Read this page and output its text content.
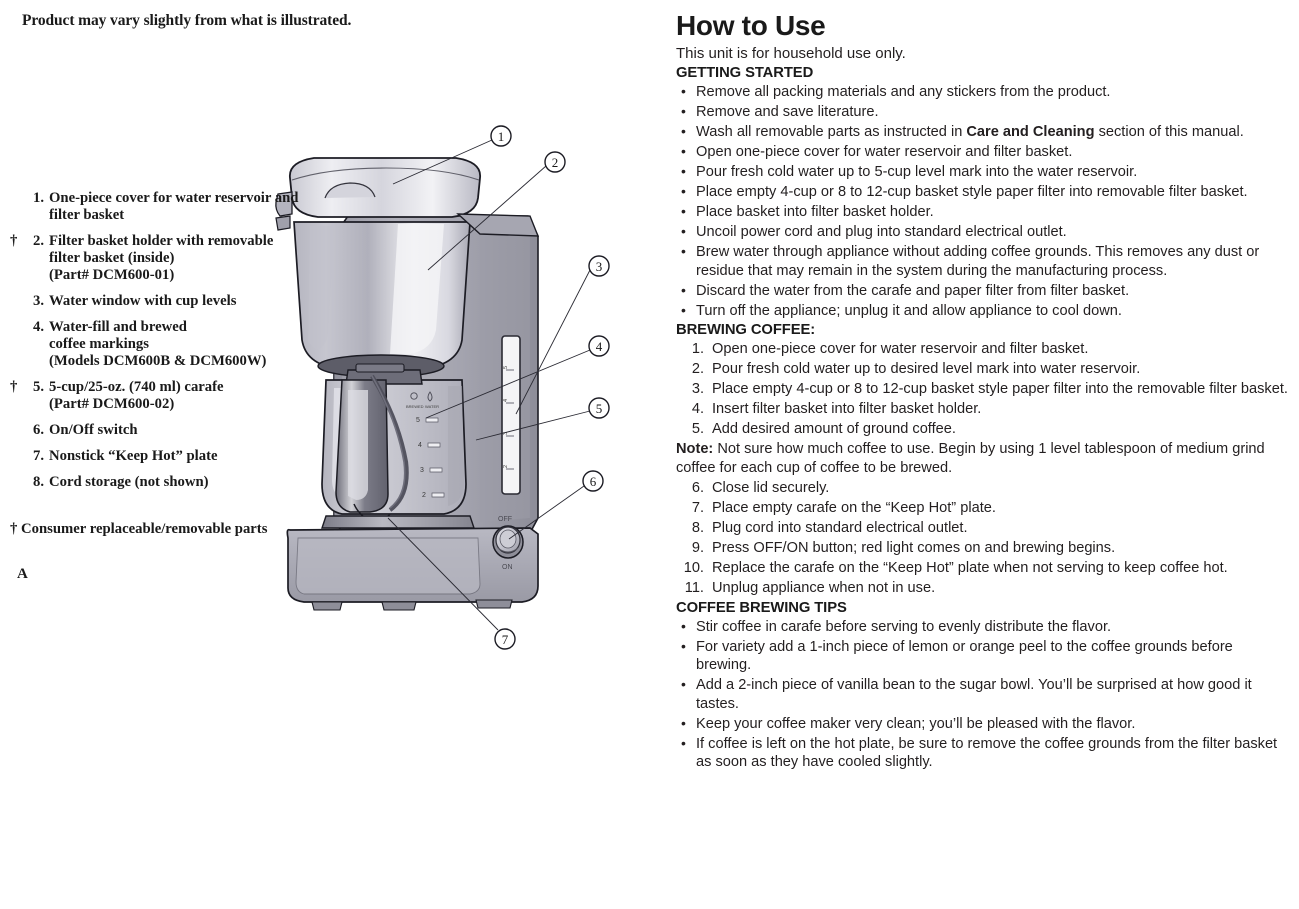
Product may vary slightly from what is illustrated.
5
4
3
2
BREWED WATER
5
4
3
2
OFF
ON
1
2
3
4
5
6
7
1. One-piece cover for water reservoir and
filter basket
†	2. Filter basket holder with removable
filter basket (inside)
(Part# DCM600-01)
3. Water window with cup levels
4. Water-fill and brewed
coffee markings
(Models DCM600B & DCM600W)
†	5. 5-cup/25-oz. (740 ml) carafe
(Part# DCM600-02)
6. On/Off switch
7. Nonstick “Keep Hot” plate
8. Cord storage (not shown)
† Consumer replaceable/removable parts
A
How to Use
This unit is for household use only.
GETTING STARTED
• Remove all packing materials and any stickers from the product.
• Remove and save literature.
• Wash all removable parts as instructed in Care and Cleaning section of this manual.
• Open one-piece cover for water reservoir and filter basket.
• Pour fresh cold water up to 5-cup level mark into the water reservoir.
• Place empty 4-cup or 8 to 12-cup basket style paper filter into removable filter basket.
• Place basket into filter basket holder.
• Uncoil power cord and plug into standard electrical outlet.
• Brew water through appliance without adding coffee grounds. This removes any dust or residue that may remain in the system during the manufacturing process.
• Discard the water from the carafe and paper filter from filter basket.
• Turn off the appliance; unplug it and allow appliance to cool down.
BREWING COFFEE:
1. Open one-piece cover for water reservoir and filter basket.
2. Pour fresh cold water up to desired level mark into water reservoir.
3. Place empty 4-cup or 8 to 12-cup basket style paper filter into the removable filter basket.
4. Insert filter basket into filter basket holder.
5. Add desired amount of ground coffee.

Note: Not sure how much coffee to use. Begin by using 1 level tablespoon of medium grind coffee for each cup of coffee to be brewed.

6. Close lid securely.
7. Place empty carafe on the “Keep Hot” plate.
8. Plug cord into standard electrical outlet.
9. Press OFF/ON button; red light comes on and brewing begins.
10. Replace the carafe on the “Keep Hot” plate when not serving to keep coffee hot.
11. Unplug appliance when not in use.
COFFEE BREWING TIPS
• Stir coffee in carafe before serving to evenly distribute the flavor.
• For variety add a 1-inch piece of lemon or orange peel to the coffee grounds before brewing.
• Add a 2-inch piece of vanilla bean to the sugar bowl. You’ll be surprised at how good it tastes.
• Keep your coffee maker very clean; you’ll be pleased with the flavor.
• If coffee is left on the hot plate, be sure to remove the coffee grounds from the filter basket as soon as they have cooled slightly.
